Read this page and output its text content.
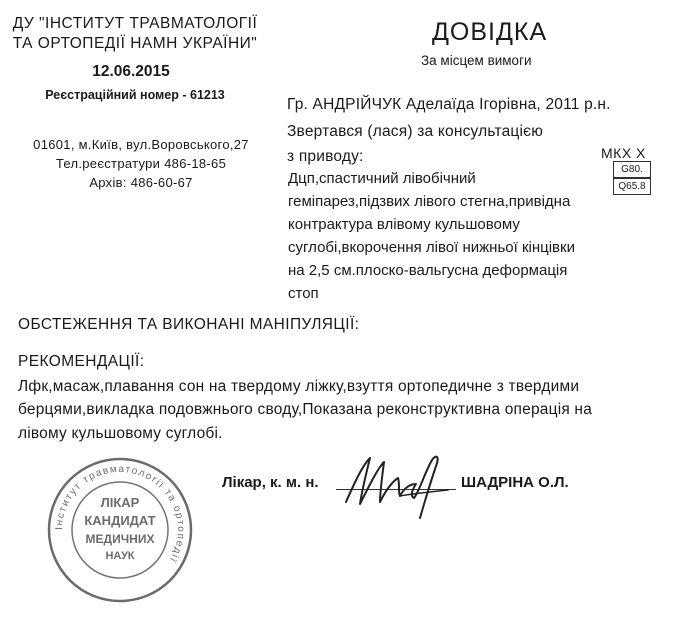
ДУ "ІНСТИТУТ ТРАВМАТОЛОГІЇ
ТА ОРТОПЕДІЇ НАМН УКРАЇНИ"
12.06.2015
Реєстраційний номер - 61213
01601, м.Київ, вул.Воровського,27
Тел.реєстратури 486-18-65
Архів: 486-60-67
ДОВІДКА
За місцем вимоги
Гр. АНДРІЙЧУК Аделаїда Ігорівна, 2011 р.н.
Звертався (лася) за консультацією
з приводу:
Дцп,спастичний лівобічний
геміпарез,підзвих лівого стегна,привідна
контрактура влівому кульшовому
суглобі,вкорочення лівої нижньої кінцівки
на 2,5 см.плоско-вальгусна деформація
стоп
МКХ Х
G80.
Q65.8
ОБСТЕЖЕННЯ ТА ВИКОНАНІ МАНІПУЛЯЦІЇ:
РЕКОМЕНДАЦІЇ:
Лфк,масаж,плавання сон на твердому ліжку,взуття ортопедичне з твердими
берцями,викладка подовжнього своду,Показана реконструктивна операція на
лівому кульшовому суглобі.
Лікар, к. м. н.	ШАДРІНА О.Л.
Інститут травматології та ортопедії
ЛІКАР
КАНДИДАТ
МЕДИЧНИХ
НАУК
